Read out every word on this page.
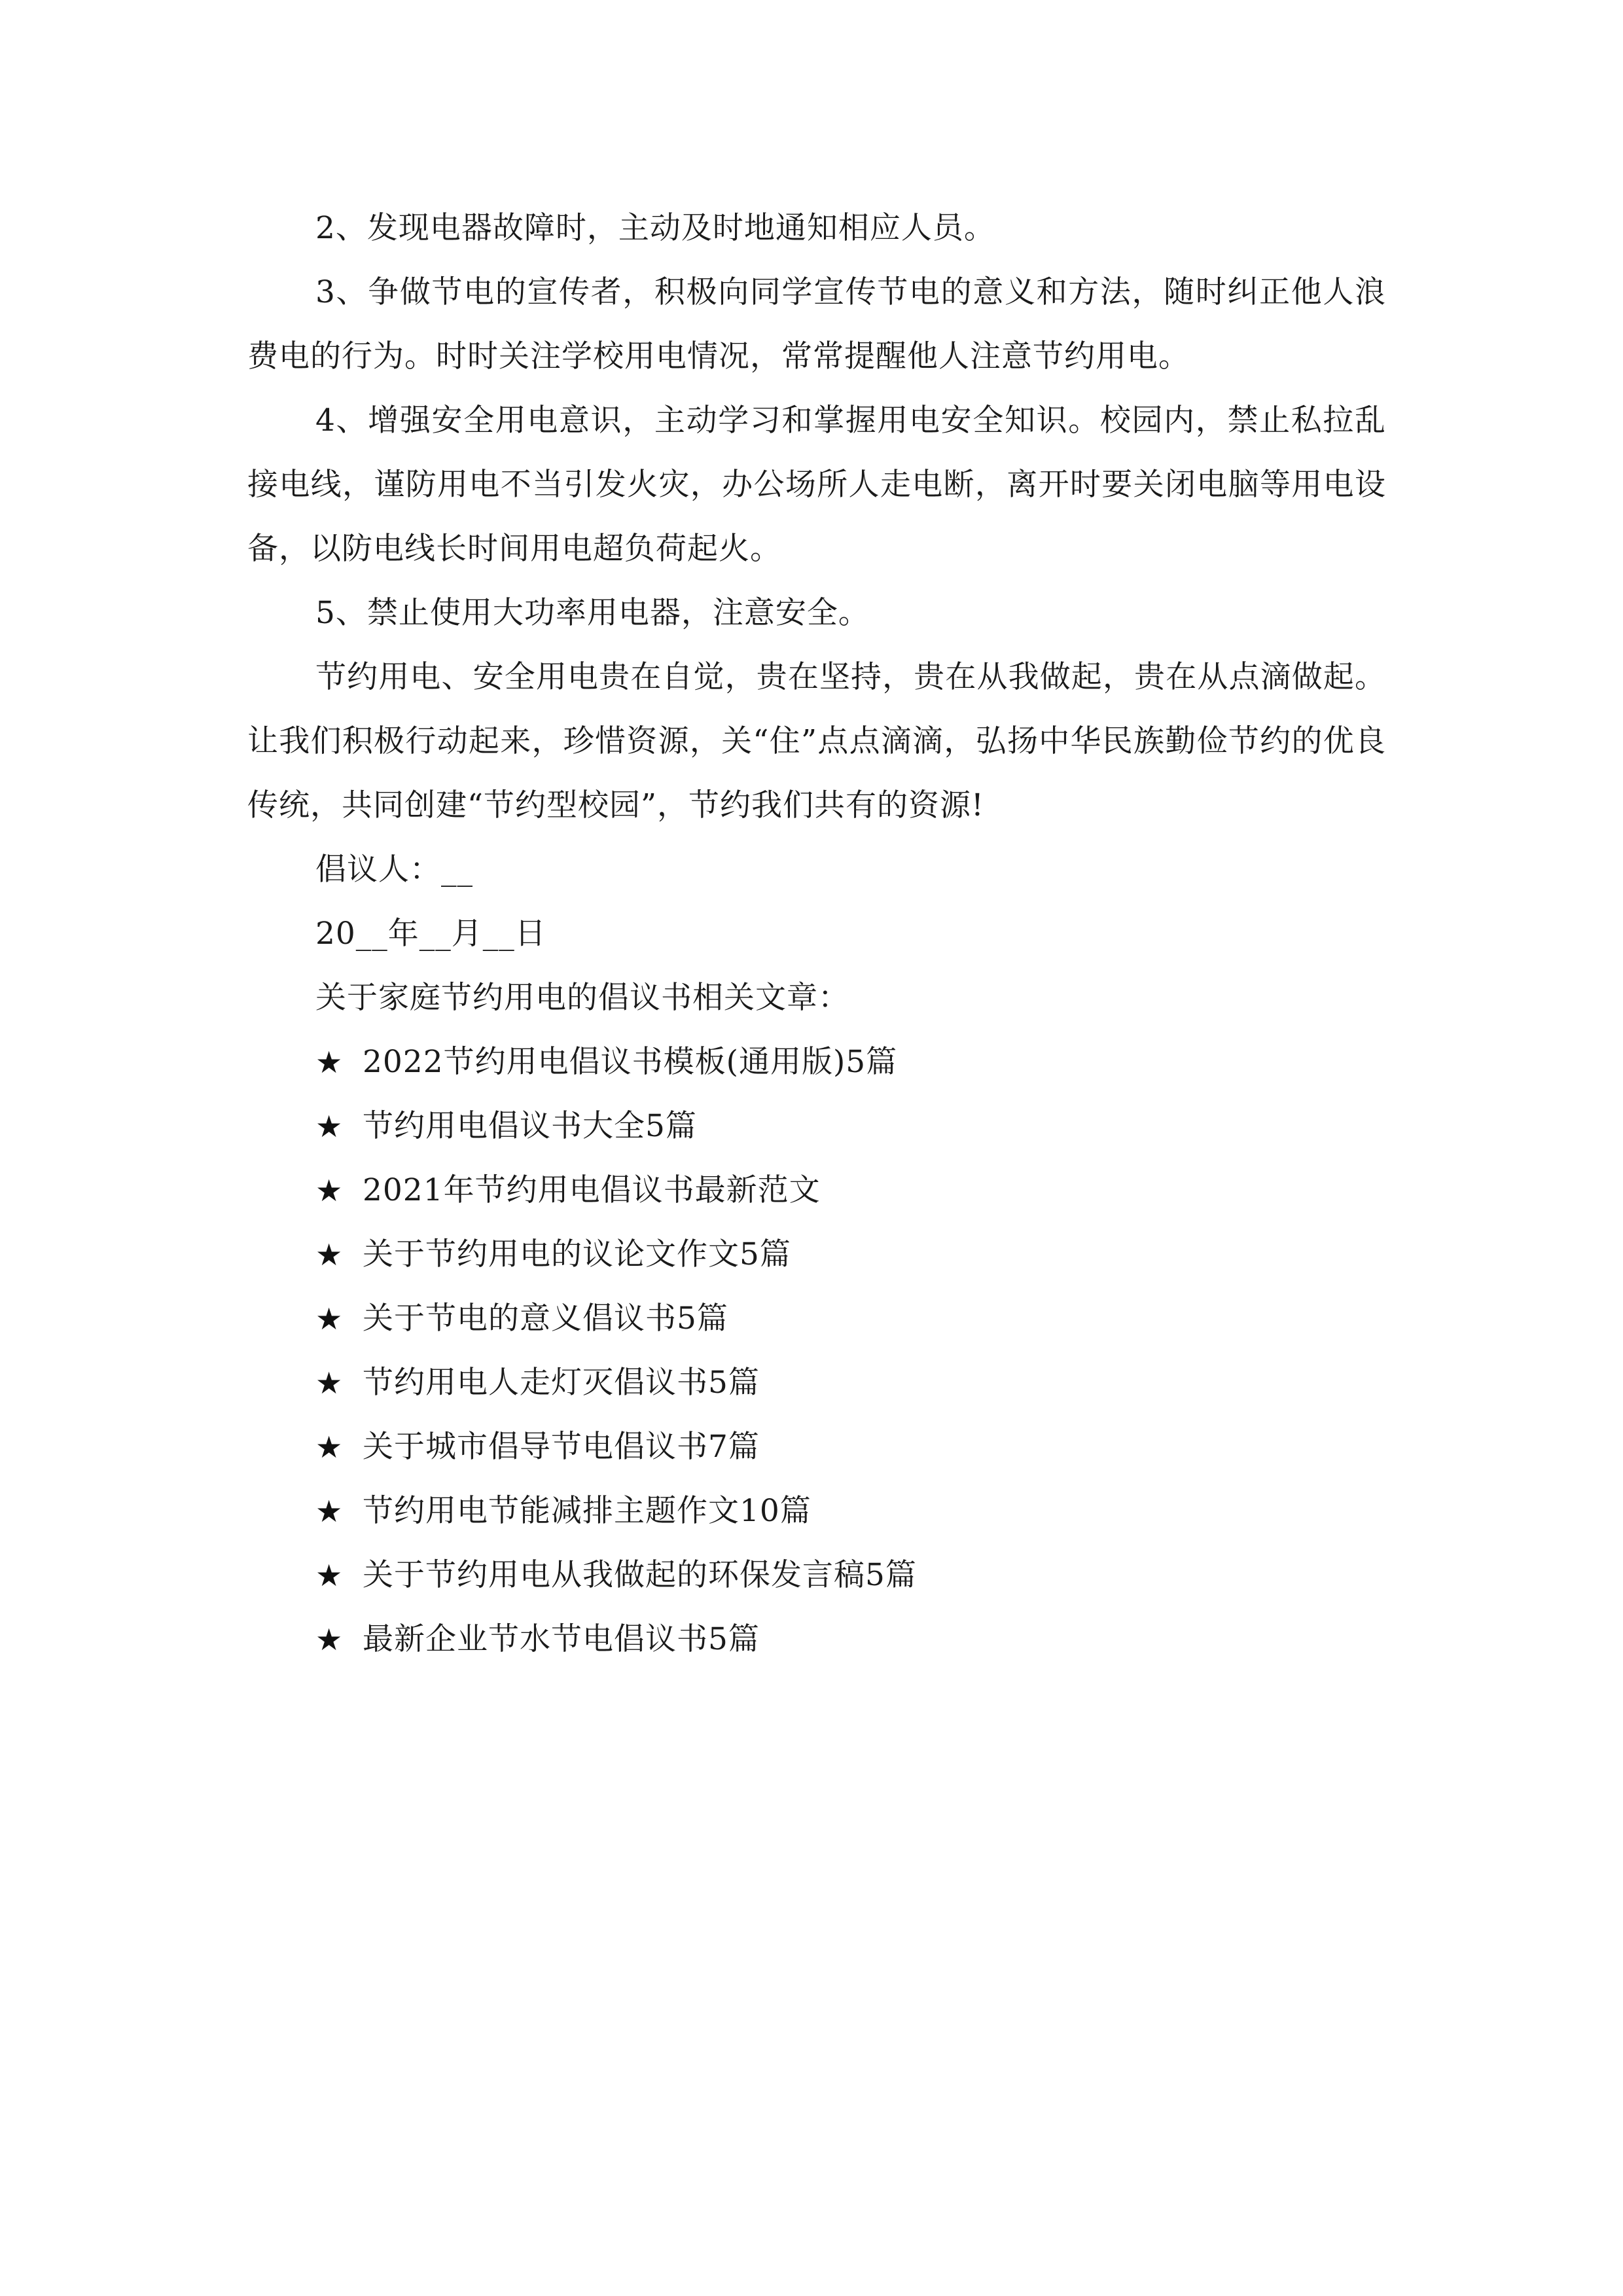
2、发现电器故障时，主动及时地通知相应人员。

3、争做节电的宣传者，积极向同学宣传节电的意义和方法，随时纠正他人浪费电的行为。时时关注学校用电情况，常常提醒他人注意节约用电。

4、增强安全用电意识，主动学习和掌握用电安全知识。校园内，禁止私拉乱接电线，谨防用电不当引发火灾，办公场所人走电断，离开时要关闭电脑等用电设备，以防电线长时间用电超负荷起火。

5、禁止使用大功率用电器，注意安全。

节约用电、安全用电贵在自觉，贵在坚持，贵在从我做起，贵在从点滴做起。让我们积极行动起来，珍惜资源，关“住”点点滴滴，弘扬中华民族勤俭节约的优良传统，共同创建“节约型校园”，节约我们共有的资源!

倡议人：__

20__年__月__日

关于家庭节约用电的倡议书相关文章：

★ 2022节约用电倡议书模板(通用版)5篇
★ 节约用电倡议书大全5篇
★ 2021年节约用电倡议书最新范文
★ 关于节约用电的议论文作文5篇
★ 关于节电的意义倡议书5篇
★ 节约用电人走灯灭倡议书5篇
★ 关于城市倡导节电倡议书7篇
★ 节约用电节能减排主题作文10篇
★ 关于节约用电从我做起的环保发言稿5篇
★ 最新企业节水节电倡议书5篇
